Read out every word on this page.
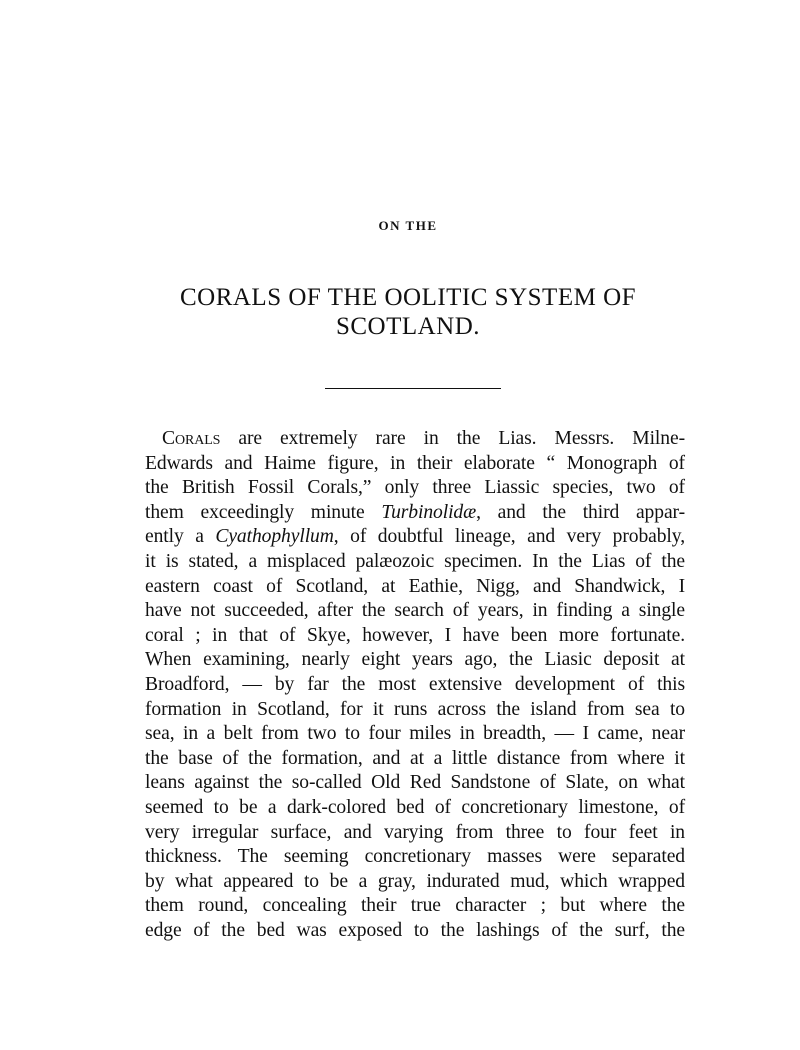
ON THE
CORALS OF THE OOLITIC SYSTEM OF
SCOTLAND.
Corals are extremely rare in the Lias. Messrs. Milne-
Edwards and Haime figure, in their elaborate “ Monograph of
the British Fossil Corals,” only three Liassic species, two of
them exceedingly minute Turbinolidæ, and the third appar-
ently a Cyathophyllum, of doubtful lineage, and very probably,
it is stated, a misplaced palæozoic specimen. In the Lias of the
eastern coast of Scotland, at Eathie, Nigg, and Shandwick, I
have not succeeded, after the search of years, in finding a single
coral ; in that of Skye, however, I have been more fortunate.
When examining, nearly eight years ago, the Liasic deposit at
Broadford, — by far the most extensive development of this
formation in Scotland, for it runs across the island from sea to
sea, in a belt from two to four miles in breadth, — I came, near
the base of the formation, and at a little distance from where it
leans against the so-called Old Red Sandstone of Slate, on what
seemed to be a dark-colored bed of concretionary limestone, of
very irregular surface, and varying from three to four feet in
thickness. The seeming concretionary masses were separated
by what appeared to be a gray, indurated mud, which wrapped
them round, concealing their true character ; but where the
edge of the bed was exposed to the lashings of the surf, the
